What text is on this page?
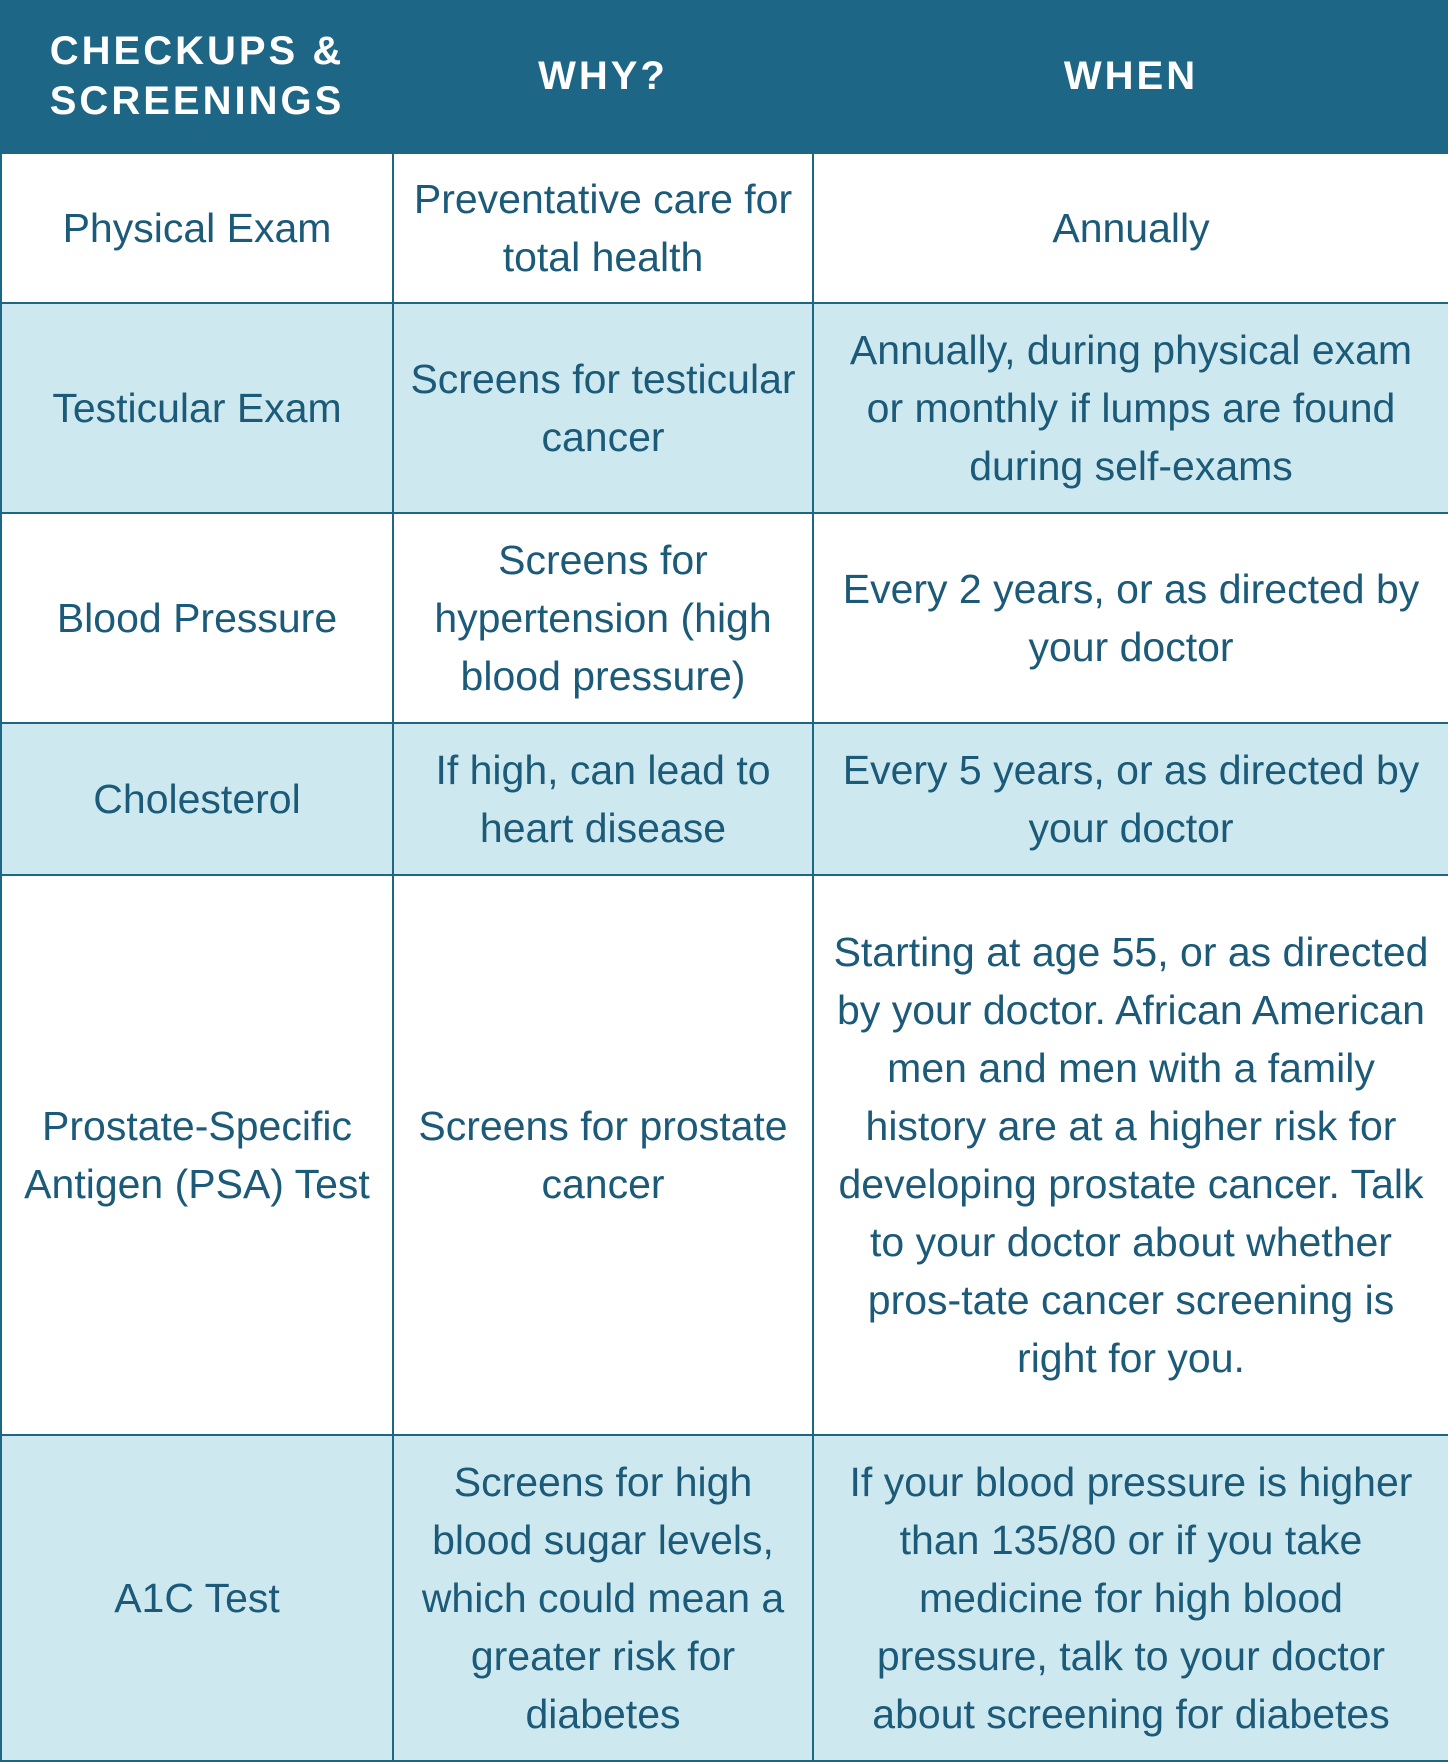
CHECKUPS & SCREENINGS	WHY?	WHEN

Physical Exam	Preventative care for total health	Annually

Testicular Exam	Screens for testicular cancer	Annually, during physical exam or monthly if lumps are found during self-exams

Blood Pressure	Screens for hypertension (high blood pressure)	Every 2 years, or as directed by your doctor

Cholesterol	If high, can lead to heart disease	Every 5 years, or as directed by your doctor

Prostate-Specific Antigen (PSA) Test	Screens for prostate cancer	Starting at age 55, or as directed by your doctor. African American men and men with a family history are at a higher risk for developing prostate cancer. Talk to your doctor about whether pros-tate cancer screening is right for you.

A1C Test	Screens for high blood sugar levels, which could mean a greater risk for diabetes	If your blood pressure is higher than 135/80 or if you take medicine for high blood pressure, talk to your doctor about screening for diabetes
